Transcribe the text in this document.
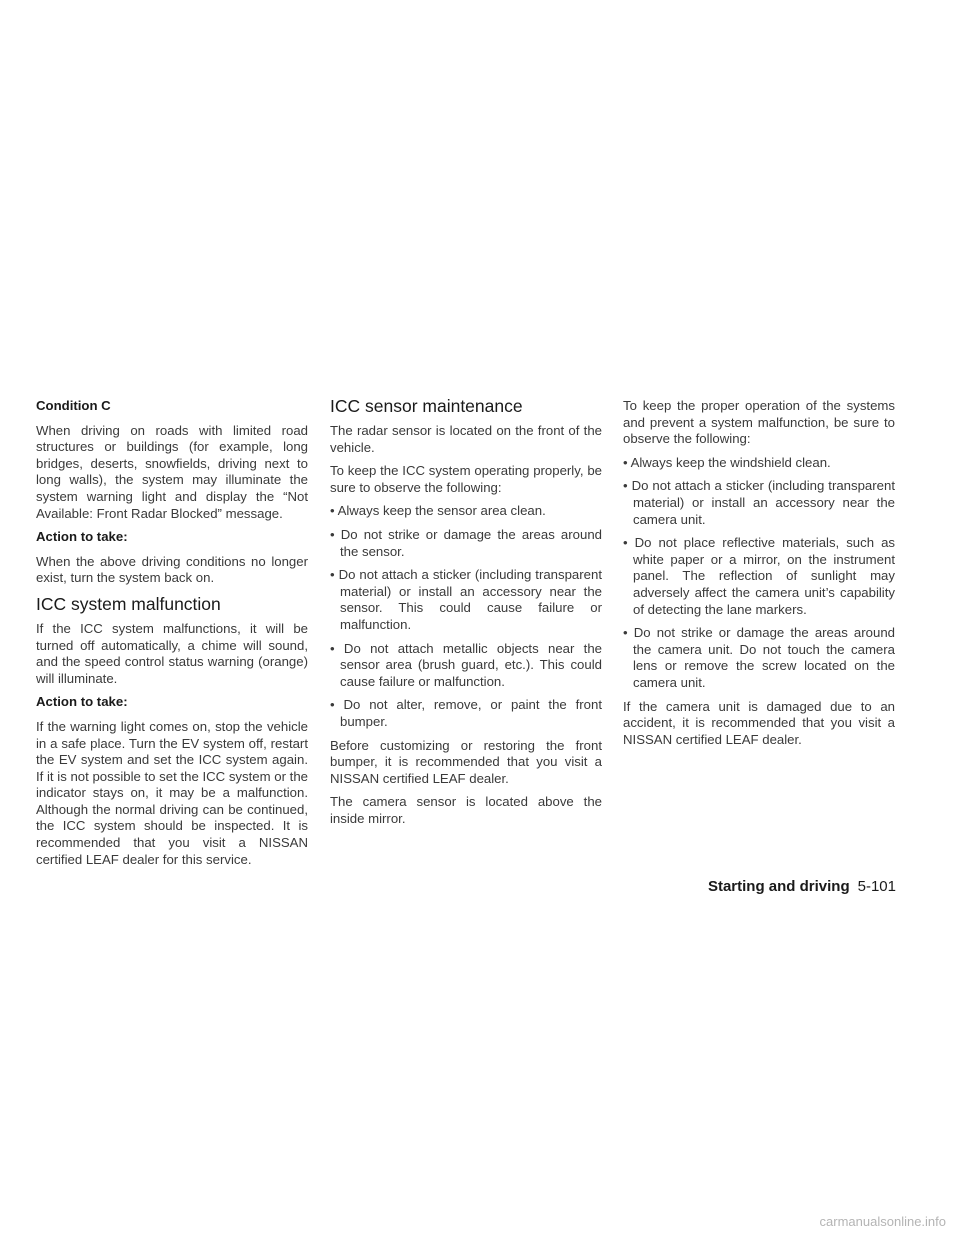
Condition C

When driving on roads with limited road structures or buildings (for example, long bridges, deserts, snowfields, driving next to long walls), the system may illuminate the system warning light and display the “Not Available: Front Radar Blocked” message.

Action to take:

When the above driving conditions no longer exist, turn the system back on.

ICC system malfunction

If the ICC system malfunctions, it will be turned off automatically, a chime will sound, and the speed control status warning (orange) will illuminate.

Action to take:

If the warning light comes on, stop the vehicle in a safe place. Turn the EV system off, restart the EV system and set the ICC system again. If it is not possible to set the ICC system or the indicator stays on, it may be a malfunction. Although the normal driving can be continued, the ICC system should be inspected. It is recommended that you visit a NISSAN certified LEAF dealer for this service.

ICC sensor maintenance

The radar sensor is located on the front of the vehicle.

To keep the ICC system operating properly, be sure to observe the following:

• Always keep the sensor area clean.
• Do not strike or damage the areas around the sensor.
• Do not attach a sticker (including transparent material) or install an accessory near the sensor. This could cause failure or malfunction.
• Do not attach metallic objects near the sensor area (brush guard, etc.). This could cause failure or malfunction.
• Do not alter, remove, or paint the front bumper.

Before customizing or restoring the front bumper, it is recommended that you visit a NISSAN certified LEAF dealer.

The camera sensor is located above the inside mirror.

To keep the proper operation of the systems and prevent a system malfunction, be sure to observe the following:

• Always keep the windshield clean.
• Do not attach a sticker (including transparent material) or install an accessory near the camera unit.
• Do not place reflective materials, such as white paper or a mirror, on the instrument panel. The reflection of sunlight may adversely affect the camera unit’s capability of detecting the lane markers.
• Do not strike or damage the areas around the camera unit. Do not touch the camera lens or remove the screw located on the camera unit.

If the camera unit is damaged due to an accident, it is recommended that you visit a NISSAN certified LEAF dealer.

Starting and driving 5-101
carmanualsonline.info
